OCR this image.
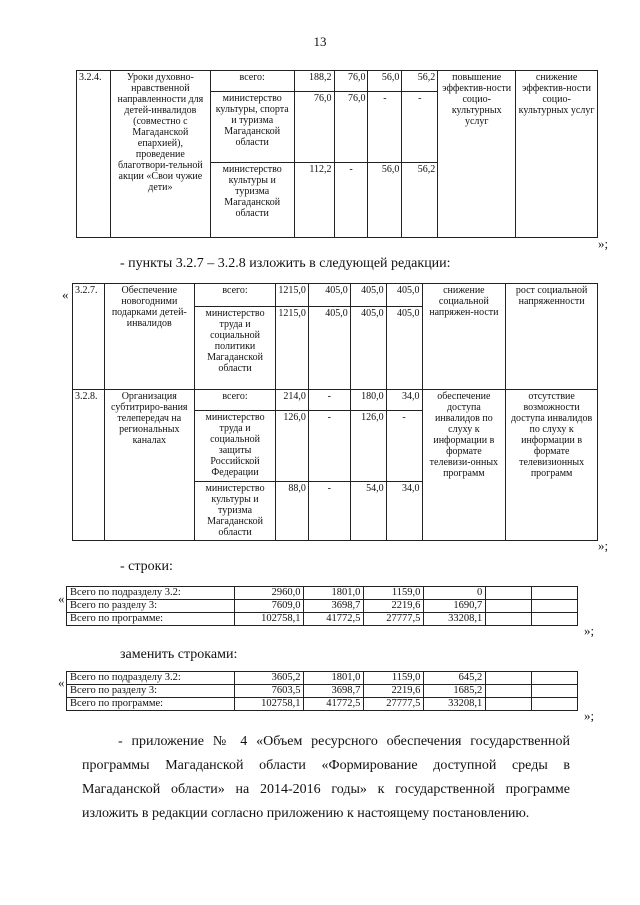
13
3.2.4.	Уроки духовно-нравственной направленности для детей-инвалидов (совместно с Магаданской епархией), проведение благотвори-тельной акции «Свои чужие дети»	всего:	188,2	76,0	56,0	56,2	повышение эффектив-ности социо-культурных услуг	снижение эффектив-ности социо-культурных услуг
		министерство культуры, спорта и туризма Магаданской области	76,0	76,0	-	-		
		министерство культуры и туризма Магаданской области	112,2	-	56,0	56,2		
»;
- пункты 3.2.7 – 3.2.8 изложить в следующей редакции:
« 3.2.7.	Обеспечение новогодними подарками детей-инвалидов	всего:	1215,0	405,0	405,0	405,0	снижение социальной напряжен-ности	рост социальной напряженности
		министерство труда и социальной политики Магаданской области	1215,0	405,0	405,0	405,0		
3.2.8.	Организация субтитриро-вания телепередач на региональных каналах	всего:	214,0	-	180,0	34,0	обеспечение доступа инвалидов по слуху к информации в формате телевизи-онных программ	отсутствие возможности доступа инвалидов по слуху к информации в формате телевизионных программ
		министерство труда и социальной защиты Российской Федерации	126,0	-	126,0	-		
		министерство культуры и туризма Магаданской области	88,0	-	54,0	34,0		
»;
- строки:
« Всего по подразделу 3.2:	2960,0	1801,0	1159,0	0		
Всего по разделу 3:	7609,0	3698,7	2219,6	1690,7		
Всего по программе:	102758,1	41772,5	27777,5	33208,1		
»;
заменить строками:
« Всего по подразделу 3.2:	3605,2	1801,0	1159,0	645,2		
Всего по разделу 3:	7603,5	3698,7	2219,6	1685,2		
Всего по программе:	102758,1	41772,5	27777,5	33208,1		
»;
- приложение № 4 «Объем ресурсного обеспечения государственной программы Магаданской области «Формирование доступной среды в Магаданской области» на 2014-2016 годы» к государственной программе изложить в редакции согласно приложению к настоящему постановлению.
